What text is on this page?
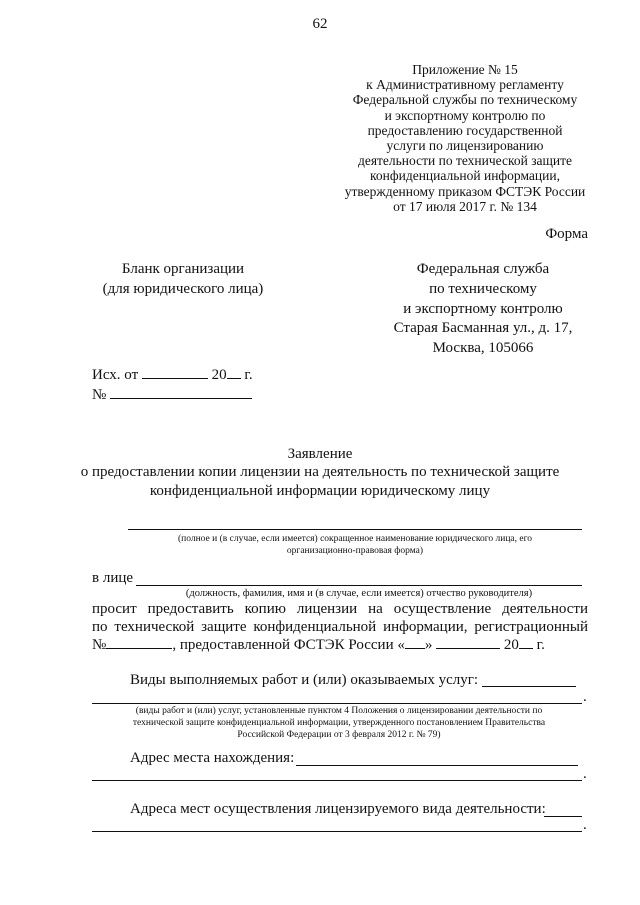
62
Приложение № 15
к Административному регламенту
Федеральной службы по техническому
и экспортному контролю по
предоставлению государственной
услуги по лицензированию
деятельности по технической защите
конфиденциальной информации,
утвержденному приказом ФСТЭК России
от 17 июля 2017 г. № 134
Форма
Бланк организации
(для юридического лица)
Федеральная служба
по техническому
и экспортному контролю
Старая Басманная ул., д. 17,
Москва, 105066
Исх. от	20 г.
№
Заявление
о предоставлении копии лицензии на деятельность по технической защите
конфиденциальной информации юридическому лицу
(полное и (в случае, если имеется) сокращенное наименование юридического лица, его
организационно-правовая форма)
в лице
(должность, фамилия, имя и (в случае, если имеется) отчество руководителя)
просит предоставить копию лицензии на осуществление деятельности
по технической защите конфиденциальной информации, регистрационный
№	, предоставленной ФСТЭК России « »	20 г.
Виды выполняемых работ и (или) оказываемых услуг:
.
(виды работ и (или) услуг, установленные пунктом 4 Положения о лицензировании деятельности по
технической защите конфиденциальной информации, утвержденного постановлением Правительства
Российской Федерации от 3 февраля 2012 г. № 79)
Адрес места нахождения:
.
Адреса мест осуществления лицензируемого вида деятельности:
.
